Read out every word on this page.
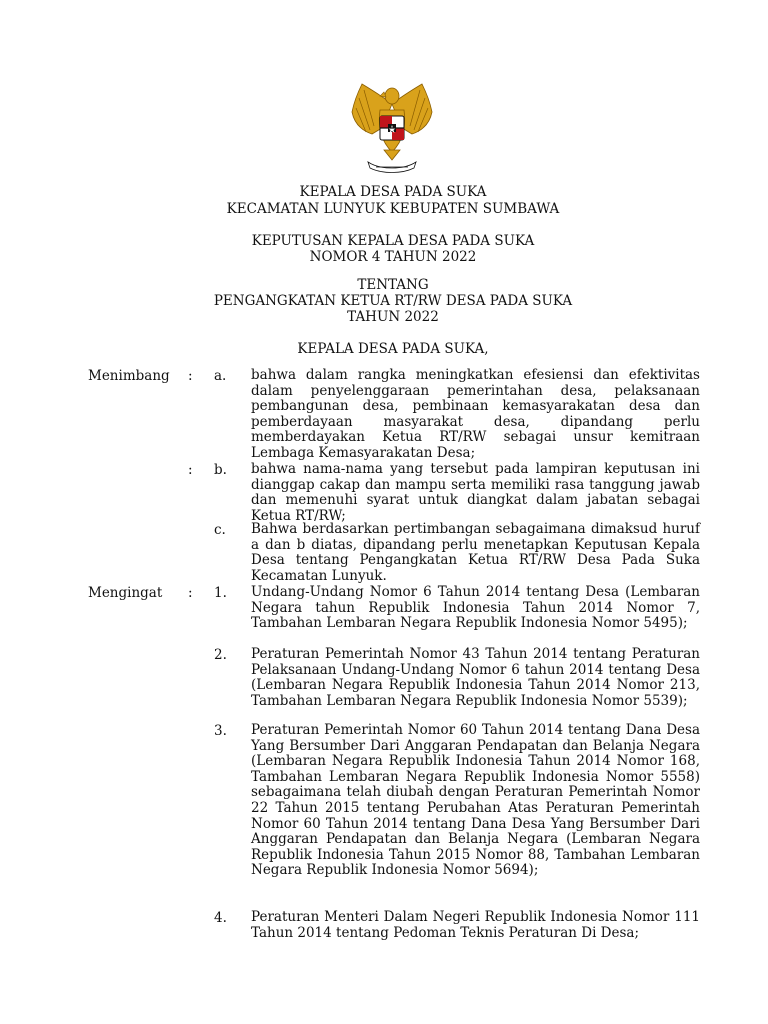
KEPALA DESA PADA SUKA
KECAMATAN LUNYUK KEBUPATEN SUMBAWA
KEPUTUSAN KEPALA DESA PADA SUKA
NOMOR 4 TAHUN 2022
TENTANG
PENGANGKATAN KETUA RT/RW DESA PADA SUKA
TAHUN 2022
KEPALA DESA PADA SUKA,
Menimbang : a. bahwa dalam rangka meningkatkan efesiensi dan efektivitas dalam penyelenggaraan pemerintahan desa, pelaksanaan pembangunan desa, pembinaan kemasyarakatan desa dan pemberdayaan masyarakat desa, dipandang perlu memberdayakan Ketua RT/RW sebagai unsur kemitraan Lembaga Kemasyarakatan Desa;
: b. bahwa nama-nama yang tersebut pada lampiran keputusan ini dianggap cakap dan mampu serta memiliki rasa tanggung jawab dan memenuhi syarat untuk diangkat dalam jabatan sebagai Ketua RT/RW;
c. Bahwa berdasarkan pertimbangan sebagaimana dimaksud huruf a dan b diatas, dipandang perlu menetapkan Keputusan Kepala Desa tentang Pengangkatan Ketua RT/RW Desa Pada Suka Kecamatan Lunyuk.
Mengingat : 1. Undang-Undang Nomor 6 Tahun 2014 tentang Desa (Lembaran Negara tahun Republik Indonesia Tahun 2014 Nomor 7, Tambahan Lembaran Negara Republik Indonesia Nomor 5495);
2. Peraturan Pemerintah Nomor 43 Tahun 2014 tentang Peraturan Pelaksanaan Undang-Undang Nomor 6 tahun 2014 tentang Desa (Lembaran Negara Republik Indonesia Tahun 2014 Nomor 213, Tambahan Lembaran Negara Republik Indonesia Nomor 5539);
3. Peraturan Pemerintah Nomor 60 Tahun 2014 tentang Dana Desa Yang Bersumber Dari Anggaran Pendapatan dan Belanja Negara (Lembaran Negara Republik Indonesia Tahun 2014 Nomor 168, Tambahan Lembaran Negara Republik Indonesia Nomor 5558) sebagaimana telah diubah dengan Peraturan Pemerintah Nomor 22 Tahun 2015 tentang Perubahan Atas Peraturan Pemerintah Nomor 60 Tahun 2014 tentang Dana Desa Yang Bersumber Dari Anggaran Pendapatan dan Belanja Negara (Lembaran Negara Republik Indonesia Tahun 2015 Nomor 88, Tambahan Lembaran Negara Republik Indonesia Nomor 5694);
4. Peraturan Menteri Dalam Negeri Republik Indonesia Nomor 111 Tahun 2014 tentang Pedoman Teknis Peraturan Di Desa;
